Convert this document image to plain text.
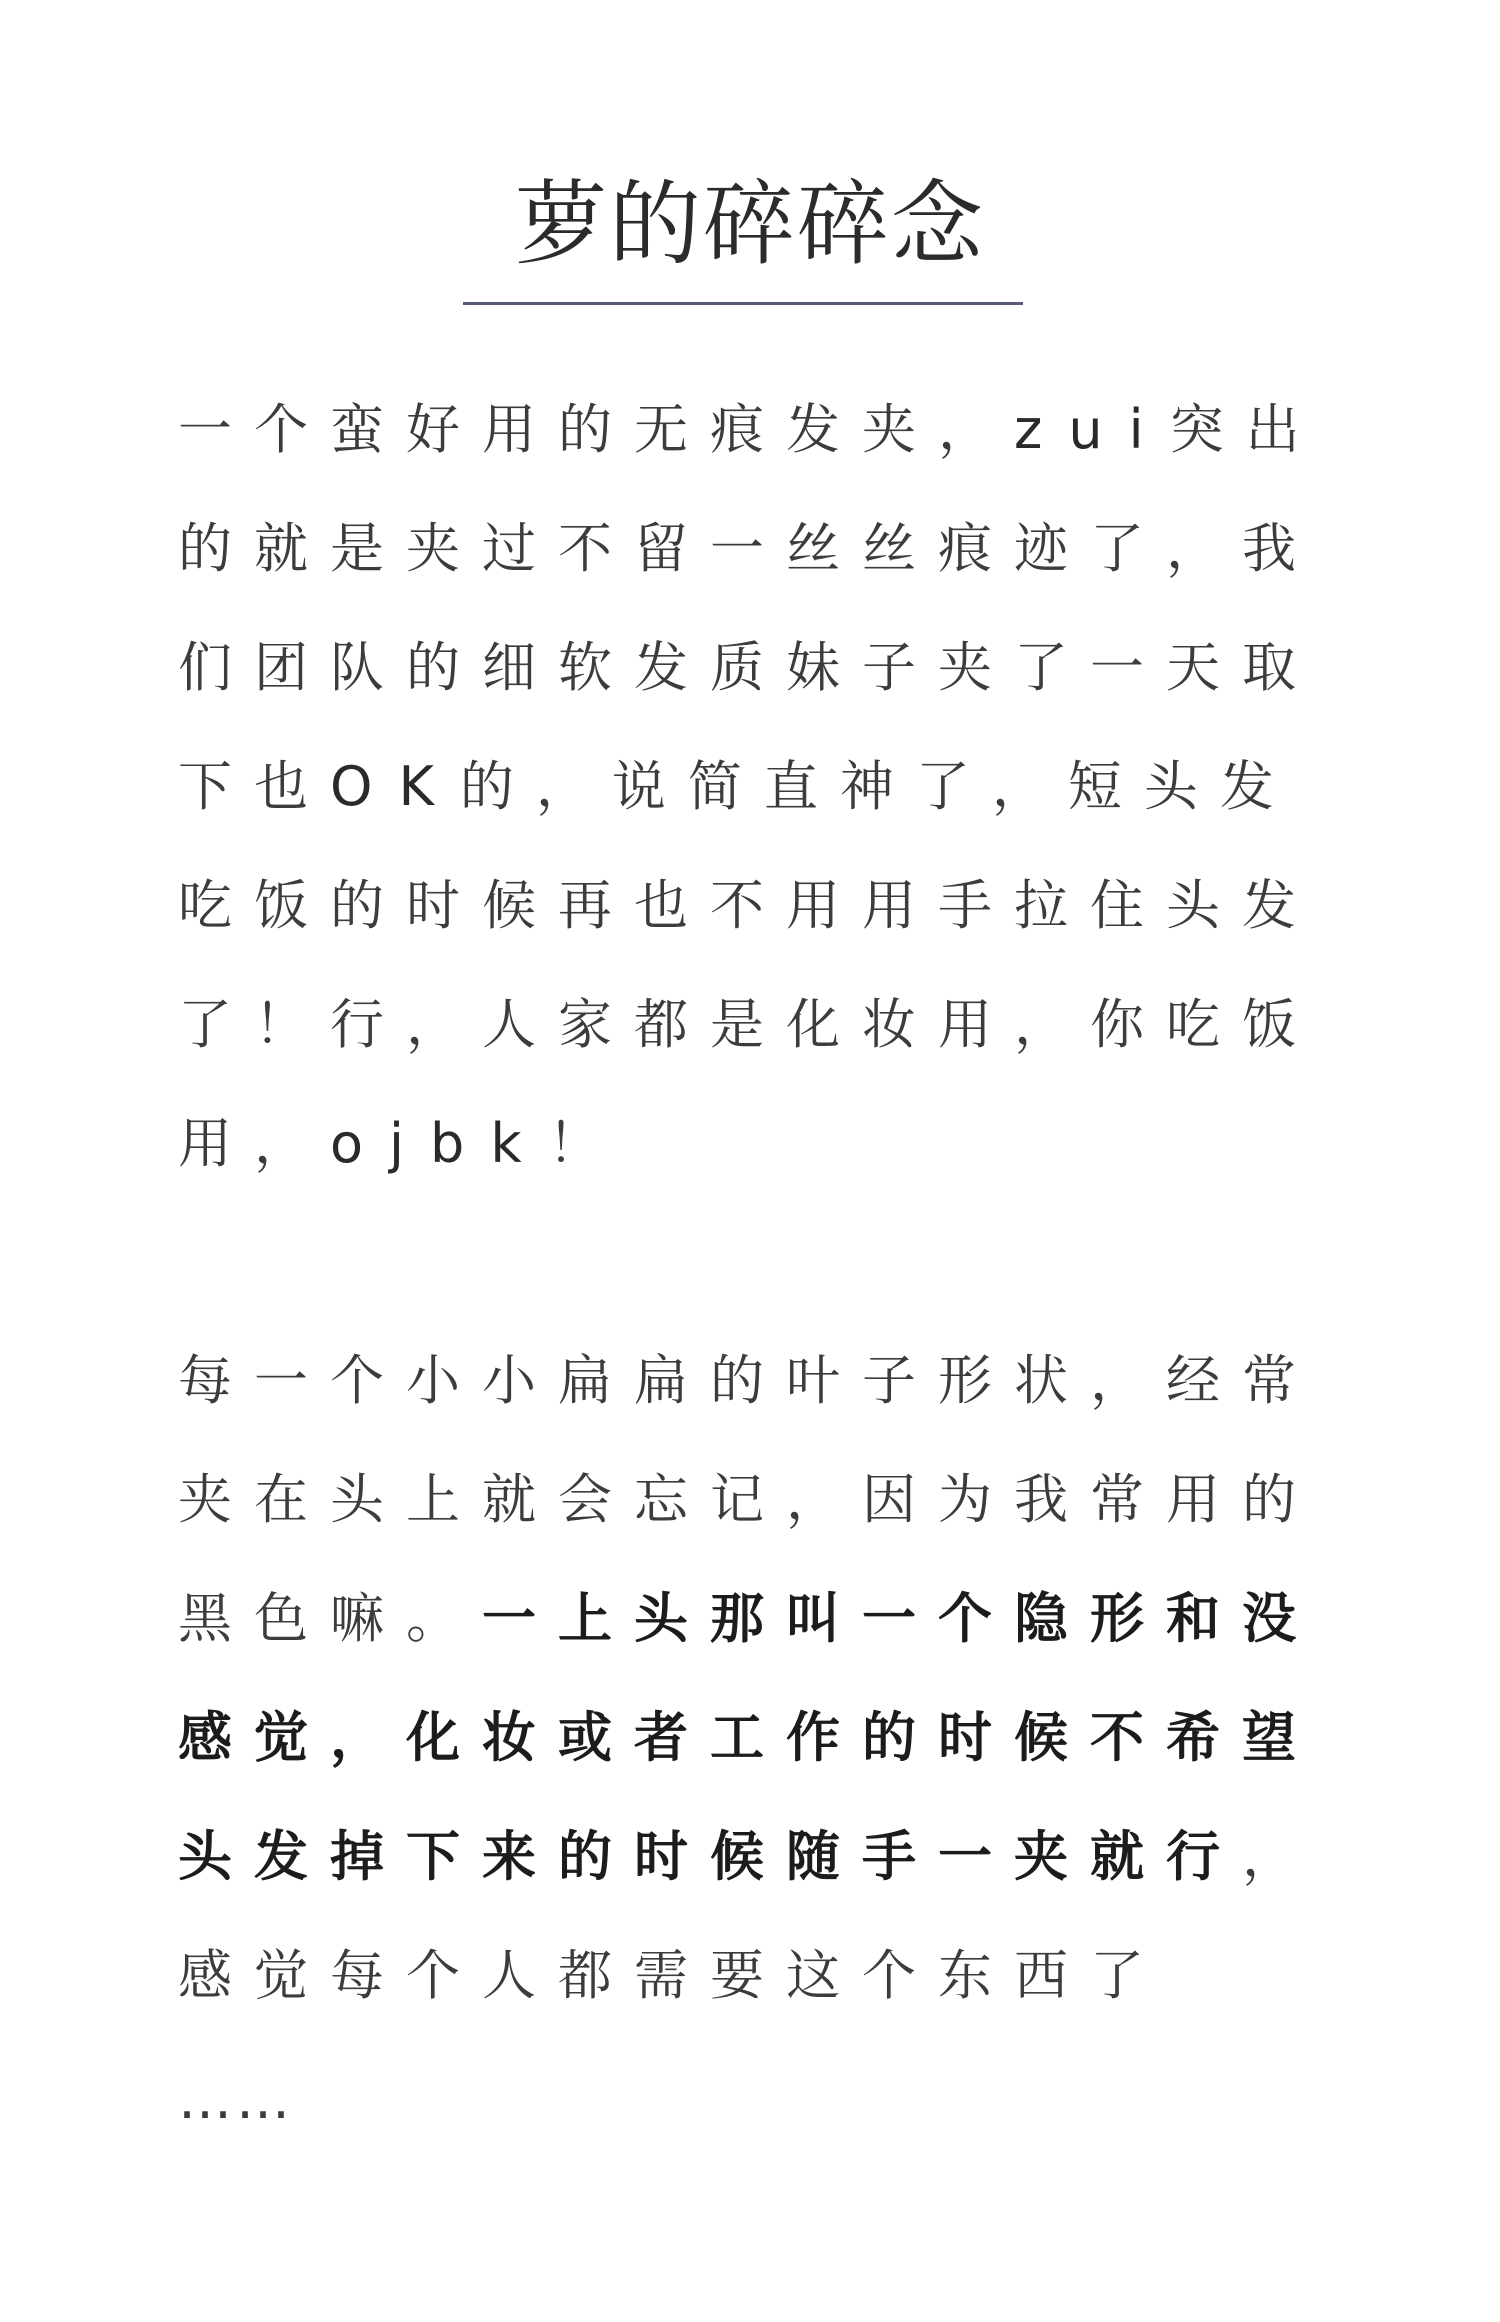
萝的碎碎念

一个蛮好用的无痕发夹，zui突出的就是夹过不留一丝丝痕迹了，我们团队的细软发质妹子夹了一天取下也OK的，说简直神了，短头发吃饭的时候再也不用用手拉住头发了！行，人家都是化妆用，你吃饭用，ojbk！

每一个小小扁扁的叶子形状，经常夹在头上就会忘记，因为我常用的黑色嘛。一上头那叫一个隐形和没感觉，化妆或者工作的时候不希望头发掉下来的时候随手一夹就行，感觉每个人都需要这个东西了

……
